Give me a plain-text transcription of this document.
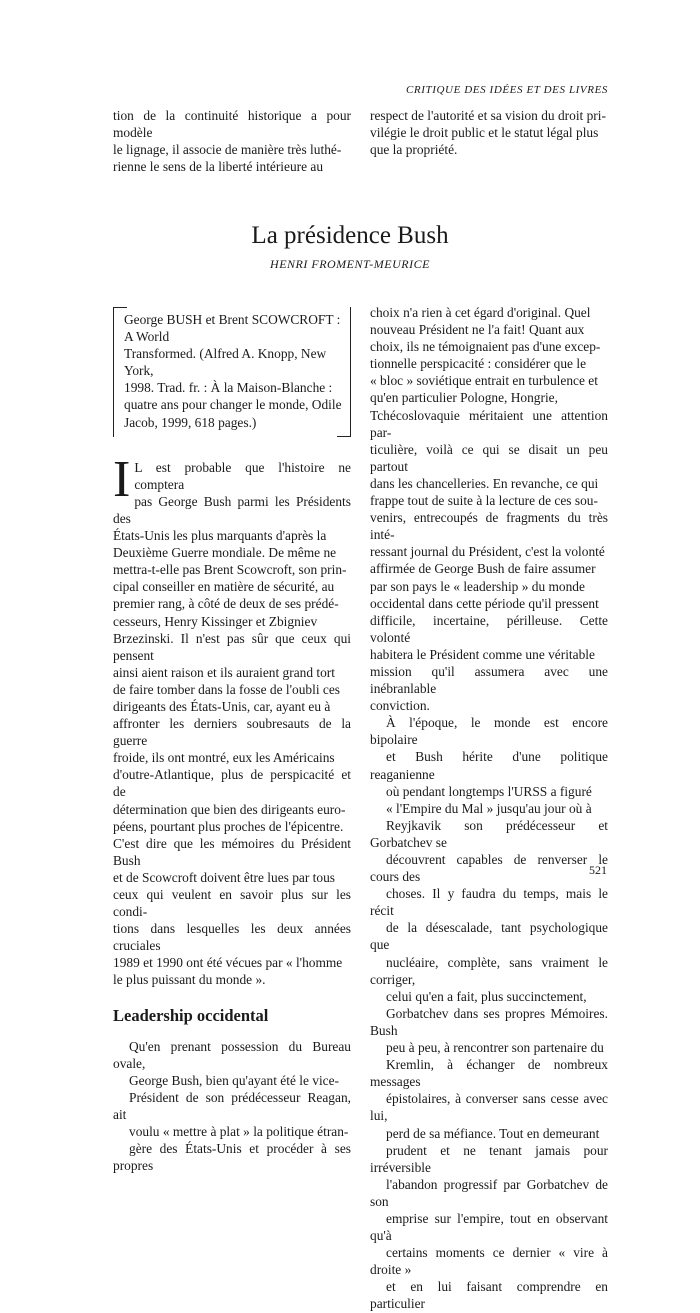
CRITIQUE DES IDÉES ET DES LIVRES

tion de la continuité historique a pour modèle
le lignage, il associe de manière très luthé-
rienne le sens de la liberté intérieure au

respect de l'autorité et sa vision du droit pri-
vilégie le droit public et le statut légal plus
que la propriété.

La présidence Bush
HENRI FROMENT-MEURICE
George BUSH et Brent SCOWCROFT : A World
Transformed. (Alfred A. Knopp, New York,
1998. Trad. fr. : À la Maison-Blanche :
quatre ans pour changer le monde, Odile
Jacob, 1999, 618 pages.)

I L est probable que l'histoire ne comptera
pas George Bush parmi les Présidents des
États-Unis les plus marquants d'après la
Deuxième Guerre mondiale. De même ne
mettra-t-elle pas Brent Scowcroft, son prin-
cipal conseiller en matière de sécurité, au
premier rang, à côté de deux de ses prédé-
cesseurs, Henry Kissinger et Zbigniev
Brzezinski. Il n'est pas sûr que ceux qui pensent
ainsi aient raison et ils auraient grand tort
de faire tomber dans la fosse de l'oubli ces
dirigeants des États-Unis, car, ayant eu à
affronter les derniers soubresauts de la guerre
froide, ils ont montré, eux les Américains
d'outre-Atlantique, plus de perspicacité et de
détermination que bien des dirigeants euro-
péens, pourtant plus proches de l'épicentre.
C'est dire que les mémoires du Président Bush
et de Scowcroft doivent être lues par tous
ceux qui veulent en savoir plus sur les condi-
tions dans lesquelles les deux années cruciales
1989 et 1990 ont été vécues par « l'homme
le plus puissant du monde ».

Leadership occidental

Qu'en prenant possession du Bureau ovale,
George Bush, bien qu'ayant été le vice-
Président de son prédécesseur Reagan, ait
voulu « mettre à plat » la politique étran-
gère des États-Unis et procéder à ses propres

choix n'a rien à cet égard d'original. Quel
nouveau Président ne l'a fait! Quant aux
choix, ils ne témoignaient pas d'une excep-
tionnelle perspicacité : considérer que le
« bloc » soviétique entrait en turbulence et
qu'en particulier Pologne, Hongrie,
Tchécoslovaquie méritaient une attention par-
ticulière, voilà ce qui se disait un peu partout
dans les chancelleries. En revanche, ce qui
frappe tout de suite à la lecture de ces sou-
venirs, entrecoupés de fragments du très inté-
ressant journal du Président, c'est la volonté
affirmée de George Bush de faire assumer
par son pays le « leadership » du monde
occidental dans cette période qu'il pressent
difficile, incertaine, périlleuse. Cette volonté
habitera le Président comme une véritable
mission qu'il assumera avec une inébranlable
conviction.

À l'époque, le monde est encore bipolaire
et Bush hérite d'une politique reaganienne
où pendant longtemps l'URSS a figuré
« l'Empire du Mal » jusqu'au jour où à
Reyjkavik son prédécesseur et Gorbatchev se
découvrent capables de renverser le cours des
choses. Il y faudra du temps, mais le récit
de la désescalade, tant psychologique que
nucléaire, complète, sans vraiment le corriger,
celui qu'en a fait, plus succinctement,
Gorbatchev dans ses propres Mémoires. Bush
peu à peu, à rencontrer son partenaire du
Kremlin, à échanger de nombreux messages
épistolaires, à converser sans cesse avec lui,
perd de sa méfiance. Tout en demeurant
prudent et ne tenant jamais pour irréversible
l'abandon progressif par Gorbatchev de son
emprise sur l'empire, tout en observant qu'à
certains moments ce dernier « vire à droite »
et en lui faisant comprendre en particulier

521
